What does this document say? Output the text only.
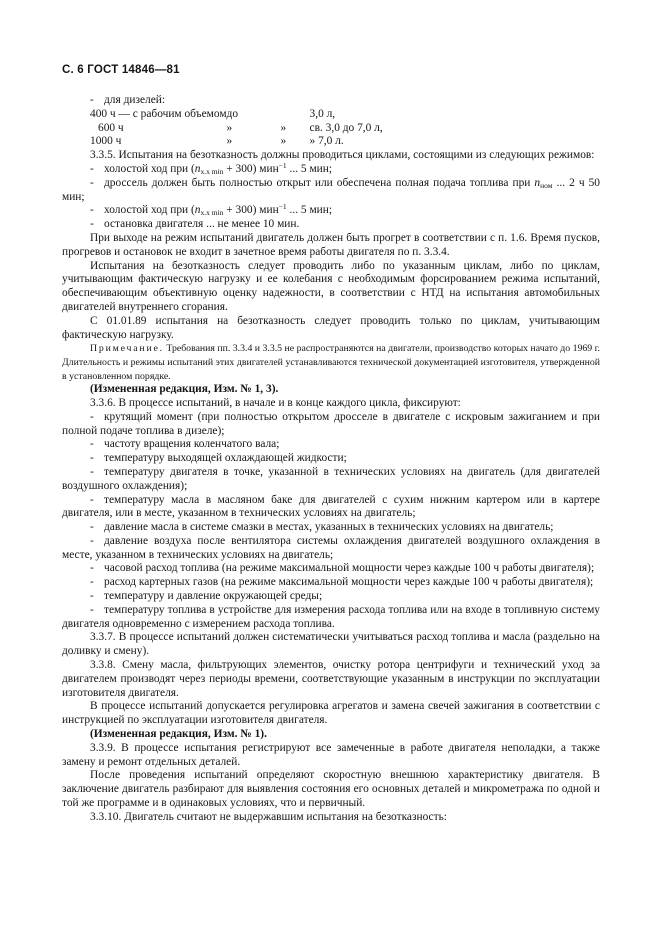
С. 6 ГОСТ 14846—81

- для дизелей:

400 ч — с рабочим объемом	до		3,0 л,
600 ч	»	»	св. 3,0 до 7,0 л,
1000 ч	»	»	» 7,0 л.

3.3.5. Испытания на безотказность должны проводиться циклами, состоящими из следующих режимов:

- холостой ход при $(n_{x.x min} + 300)$ мин$^{-1}$ ... 5 мин;

- дроссель должен быть полностью открыт или обеспечена полная подача топлива при $n_{ном}$ ... 2 ч 50 мин;

- холостой ход при $(n_{x.x min} + 300)$ мин$^{-1}$ ... 5 мин;

- остановка двигателя ... не менее 10 мин.

При выходе на режим испытаний двигатель должен быть прогрет в соответствии с п. 1.6. Время пусков, прогревов и остановок не входит в зачетное время работы двигателя по п. 3.3.4.

Испытания на безотказность следует проводить либо по указанным циклам, либо по циклам, учитывающим фактическую нагрузку и ее колебания с необходимым форсированием режима испытаний, обеспечивающим объективную оценку надежности, в соответствии с НТД на испытания автомобильных двигателей внутреннего сгорания.

С 01.01.89 испытания на безотказность следует проводить только по циклам, учитывающим фактическую нагрузку.

Примечание. Требования пп. 3.3.4 и 3.3.5 не распространяются на двигатели, производство которых начато до 1969 г. Длительность и режимы испытаний этих двигателей устанавливаются технической документацией изготовителя, утвержденной в установленном порядке.

(Измененная редакция, Изм. № 1, 3).

3.3.6. В процессе испытаний, в начале и в конце каждого цикла, фиксируют:

- крутящий момент (при полностью открытом дросселе в двигателе с искровым зажиганием и при полной подаче топлива в дизеле);

- частоту вращения коленчатого вала;

- температуру выходящей охлаждающей жидкости;

- температуру двигателя в точке, указанной в технических условиях на двигатель (для двигателей воздушного охлаждения);

- температуру масла в масляном баке для двигателей с сухим нижним картером или в картере двигателя, или в месте, указанном в технических условиях на двигатель;

- давление масла в системе смазки в местах, указанных в технических условиях на двигатель;

- давление воздуха после вентилятора системы охлаждения двигателей воздушного охлаждения в месте, указанном в технических условиях на двигатель;

- часовой расход топлива (на режиме максимальной мощности через каждые 100 ч работы двигателя);

- расход картерных газов (на режиме максимальной мощности через каждые 100 ч работы двигателя);

- температуру и давление окружающей среды;

- температуру топлива в устройстве для измерения расхода топлива или на входе в топливную систему двигателя одновременно с измерением расхода топлива.

3.3.7. В процессе испытаний должен систематически учитываться расход топлива и масла (раздельно на доливку и смену).

3.3.8. Смену масла, фильтрующих элементов, очистку ротора центрифуги и технический уход за двигателем производят через периоды времени, соответствующие указанным в инструкции по эксплуатации изготовителя двигателя.

В процессе испытаний допускается регулировка агрегатов и замена свечей зажигания в соответствии с инструкцией по эксплуатации изготовителя двигателя.

(Измененная редакция, Изм. № 1).

3.3.9. В процессе испытания регистрируют все замеченные в работе двигателя неполадки, а также замену и ремонт отдельных деталей.

После проведения испытаний определяют скоростную внешнюю характеристику двигателя. В заключение двигатель разбирают для выявления состояния его основных деталей и микрометража по одной и той же программе и в одинаковых условиях, что и первичный.

3.3.10. Двигатель считают не выдержавшим испытания на безотказность:
